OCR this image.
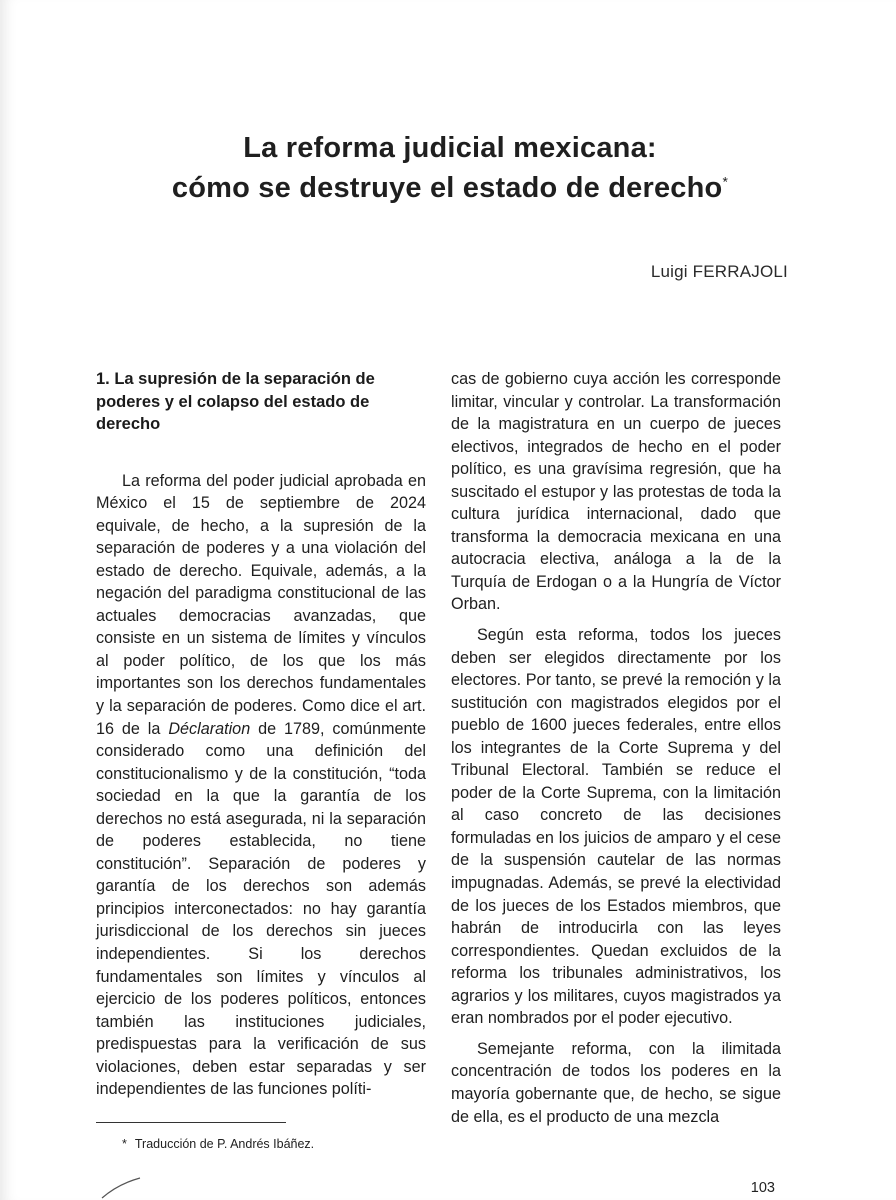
La reforma judicial mexicana:
cómo se destruye el estado de derecho*
Luigi FERRAJOLI
1. La supresión de la separación de poderes y el colapso del estado de derecho

La reforma del poder judicial aprobada en México el 15 de septiembre de 2024 equivale, de hecho, a la supresión de la separación de poderes y a una violación del estado de derecho. Equivale, además, a la negación del paradigma constitucional de las actuales democracias avanzadas, que consiste en un sistema de límites y vínculos al poder político, de los que los más importantes son los derechos fundamentales y la separación de poderes. Como dice el art. 16 de la Déclaration de 1789, comúnmente considerado como una definición del constitucionalismo y de la constitución, “toda sociedad en la que la garantía de los derechos no está asegurada, ni la separación de poderes establecida, no tiene constitución”. Separación de poderes y garantía de los derechos son además principios interconectados: no hay garantía jurisdiccional de los derechos sin jueces independientes. Si los derechos fundamentales son límites y vínculos al ejercicio de los poderes políticos, entonces también las instituciones judiciales, predispuestas para la verificación de sus violaciones, deben estar separadas y ser independientes de las funciones políti-

cas de gobierno cuya acción les corresponde limitar, vincular y controlar. La transformación de la magistratura en un cuerpo de jueces electivos, integrados de hecho en el poder político, es una gravísima regresión, que ha suscitado el estupor y las protestas de toda la cultura jurídica internacional, dado que transforma la democracia mexicana en una autocracia electiva, análoga a la de la Turquía de Erdogan o a la Hungría de Víctor Orban.

Según esta reforma, todos los jueces deben ser elegidos directamente por los electores. Por tanto, se prevé la remoción y la sustitución con magistrados elegidos por el pueblo de 1600 jueces federales, entre ellos los integrantes de la Corte Suprema y del Tribunal Electoral. También se reduce el poder de la Corte Suprema, con la limitación al caso concreto de las decisiones formuladas en los juicios de amparo y el cese de la suspensión cautelar de las normas impugnadas. Además, se prevé la electividad de los jueces de los Estados miembros, que habrán de introducirla con las leyes correspondientes. Quedan excluidos de la reforma los tribunales administrativos, los agrarios y los militares, cuyos magistrados ya eran nombrados por el poder ejecutivo.

Semejante reforma, con la ilimitada concentración de todos los poderes en la mayoría gobernante que, de hecho, se sigue de ella, es el producto de una mezcla

* Traducción de P. Andrés Ibáñez.
103
